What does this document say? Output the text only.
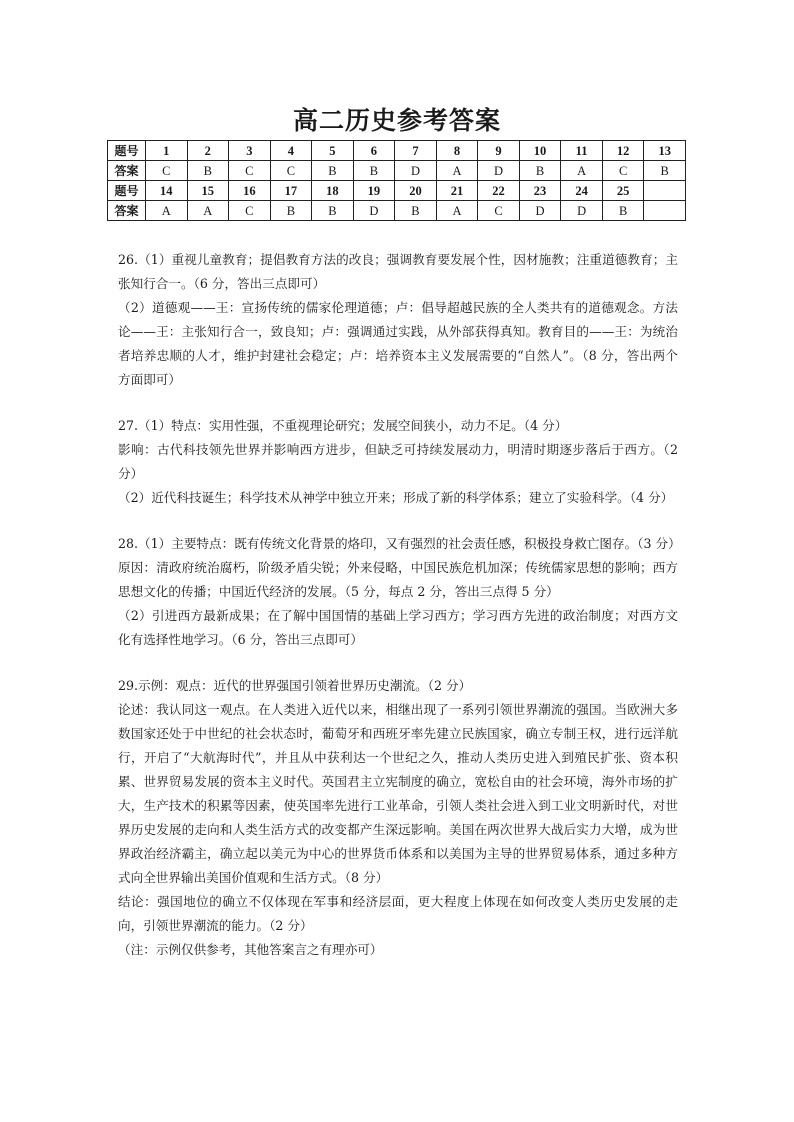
高二历史参考答案
题号	1	2	3	4	5	6	7	8	9	10	11	12	13
答案	C	B	C	C	B	B	D	A	D	B	A	C	B
题号	14	15	16	17	18	19	20	21	22	23	24	25	
答案	A	A	C	B	B	D	B	A	C	D	D	B	

26.（1）重视儿童教育；提倡教育方法的改良；强调教育要发展个性，因材施教；注重道德教育；主张知行合一。（6 分，答出三点即可）

（2）道德观——王：宣扬传统的儒家伦理道德；卢：倡导超越民族的全人类共有的道德观念。方法论——王：主张知行合一，致良知；卢：强调通过实践，从外部获得真知。教育目的——王：为统治者培养忠顺的人才，维护封建社会稳定；卢：培养资本主义发展需要的“自然人”。（8 分，答出两个方面即可）

27.（1）特点：实用性强，不重视理论研究；发展空间狭小，动力不足。（4 分）

影响：古代科技领先世界并影响西方进步，但缺乏可持续发展动力，明清时期逐步落后于西方。（2 分）

（2）近代科技诞生；科学技术从神学中独立开来；形成了新的科学体系；建立了实验科学。（4 分）

28.（1）主要特点：既有传统文化背景的烙印，又有强烈的社会责任感，积极投身救亡图存。（3 分）

原因：清政府统治腐朽，阶级矛盾尖锐；外来侵略，中国民族危机加深；传统儒家思想的影响；西方思想文化的传播；中国近代经济的发展。（5 分，每点 2 分，答出三点得 5 分）

（2）引进西方最新成果；在了解中国国情的基础上学习西方；学习西方先进的政治制度；对西方文化有选择性地学习。（6 分，答出三点即可）

29.示例：观点：近代的世界强国引领着世界历史潮流。（2 分）

论述：我认同这一观点。在人类进入近代以来，相继出现了一系列引领世界潮流的强国。当欧洲大多数国家还处于中世纪的社会状态时，葡萄牙和西班牙率先建立民族国家，确立专制王权，进行远洋航行，开启了“大航海时代”，并且从中获利达一个世纪之久，推动人类历史进入到殖民扩张、资本积累、世界贸易发展的资本主义时代。英国君主立宪制度的确立，宽松自由的社会环境，海外市场的扩大，生产技术的积累等因素，使英国率先进行工业革命，引领人类社会进入到工业文明新时代，对世界历史发展的走向和人类生活方式的改变都产生深远影响。美国在两次世界大战后实力大增，成为世界政治经济霸主，确立起以美元为中心的世界货币体系和以美国为主导的世界贸易体系，通过多种方式向全世界输出美国价值观和生活方式。（8 分）

结论：强国地位的确立不仅体现在军事和经济层面，更大程度上体现在如何改变人类历史发展的走向，引领世界潮流的能力。（2 分）

（注：示例仅供参考，其他答案言之有理亦可）
